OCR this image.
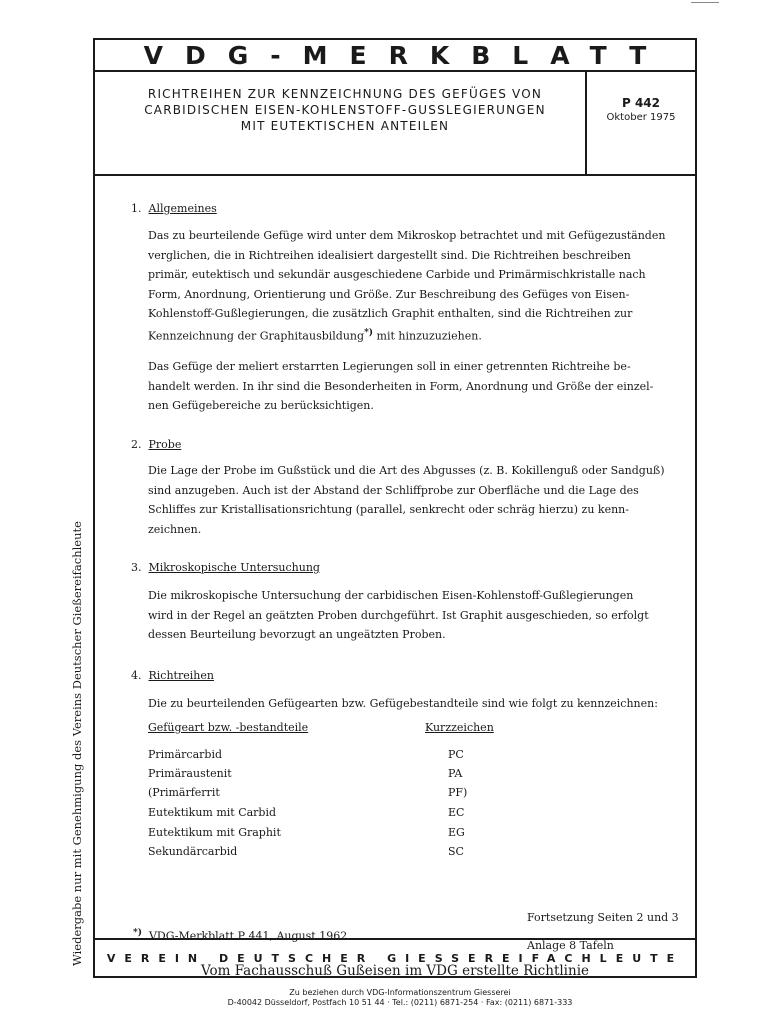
Wiedergabe nur mit Genehmigung des Vereins Deutscher Gießereifachleute
VDG-MERKBLATT
RICHTREIHEN ZUR KENNZEICHNUNG DES GEFÜGES VON
CARBIDISCHEN EISEN-KOHLENSTOFF-GUSSLEGIERUNGEN
MIT EUTEKTISCHEN ANTEILEN
P 442
Oktober 1975
1. Allgemeines
Das zu beurteilende Gefüge wird unter dem Mikroskop betrachtet und mit Gefügezuständen
verglichen, die in Richtreihen idealisiert dargestellt sind. Die Richtreihen beschreiben
primär, eutektisch und sekundär ausgeschiedene Carbide und Primärmischkristalle nach
Form, Anordnung, Orientierung und Größe. Zur Beschreibung des Gefüges von Eisen-
Kohlenstoff-Gußlegierungen, die zusätzlich Graphit enthalten, sind die Richtreihen zur
Kennzeichnung der Graphitausbildung*) mit hinzuzuziehen.
Das Gefüge der meliert erstarrten Legierungen soll in einer getrennten Richtreihe be-
handelt werden. In ihr sind die Besonderheiten in Form, Anordnung und Größe der einzel-
nen Gefügebereiche zu berücksichtigen.
2. Probe
Die Lage der Probe im Gußstück und die Art des Abgusses (z. B. Kokillenguß oder Sandguß)
sind anzugeben. Auch ist der Abstand der Schliffprobe zur Oberfläche und die Lage des
Schliffes zur Kristallisationsrichtung (parallel, senkrecht oder schräg hierzu) zu kenn-
zeichnen.
3. Mikroskopische Untersuchung
Die mikroskopische Untersuchung der carbidischen Eisen-Kohlenstoff-Gußlegierungen
wird in der Regel an geätzten Proben durchgeführt. Ist Graphit ausgeschieden, so erfolgt
dessen Beurteilung bevorzugt an ungeätzten Proben.
4. Richtreihen
Die zu beurteilenden Gefügearten bzw. Gefügebestandteile sind wie folgt zu kennzeichnen:
Gefügeart bzw. -bestandteile	Kurzzeichen
Primärcarbid	PC
Primäraustenit	PA
(Primärferrit	PF)
Eutektikum mit Carbid	EC
Eutektikum mit Graphit	EG
Sekundärcarbid	SC
Fortsetzung Seiten 2 und 3
*) VDG-Merkblatt P 441, August 1962
Anlage 8 Tafeln
Vom Fachausschuß Gußeisen im VDG erstellte Richtlinie
VEREIN DEUTSCHER GIESSEREIFACHLEUTE
Zu beziehen durch VDG-Informationszentrum Giesserei
D-40042 Düsseldorf, Postfach 10 51 44 · Tel.: (0211) 6871-254 · Fax: (0211) 6871-333
